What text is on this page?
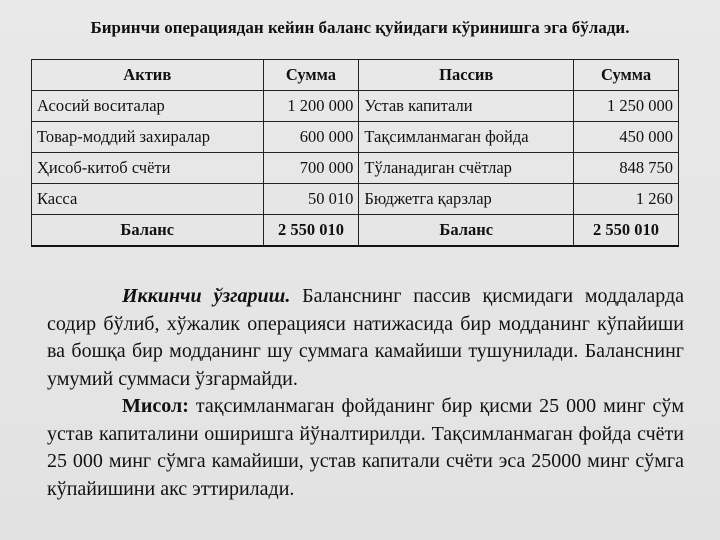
Биринчи операциядан кейин баланс қуйидаги кўринишга эга бўлади.
Актив	Сумма	Пассив	Сумма
Асосий воситалар	1 200 000	Устав капитали	1 250 000
Товар-моддий захиралар	600 000	Тақсимланмаган фойда	450 000
Ҳисоб-китоб счёти	700 000	Тўланадиган счётлар	848 750
Касса	50 010	Бюджетга қарзлар	1 260
Баланс	2 550 010	Баланс	2 550 010

Иккинчи ўзгариш. Баланснинг пассив қисмидаги моддаларда содир бўлиб, хўжалик операцияси натижасида бир модданинг кўпайиши ва бошқа бир модданинг шу суммага камайиши тушунилади. Баланснинг умумий суммаси ўзгармайди.

Мисол: тақсимланмаган фойданинг бир қисми 25 000 минг сўм устав капиталини оширишга йўналтирилди. Тақсимланмаган фойда счёти 25 000 минг сўмга камайиши, устав капитали счёти эса 25000 минг сўмга кўпайишини акс эттирилади.
